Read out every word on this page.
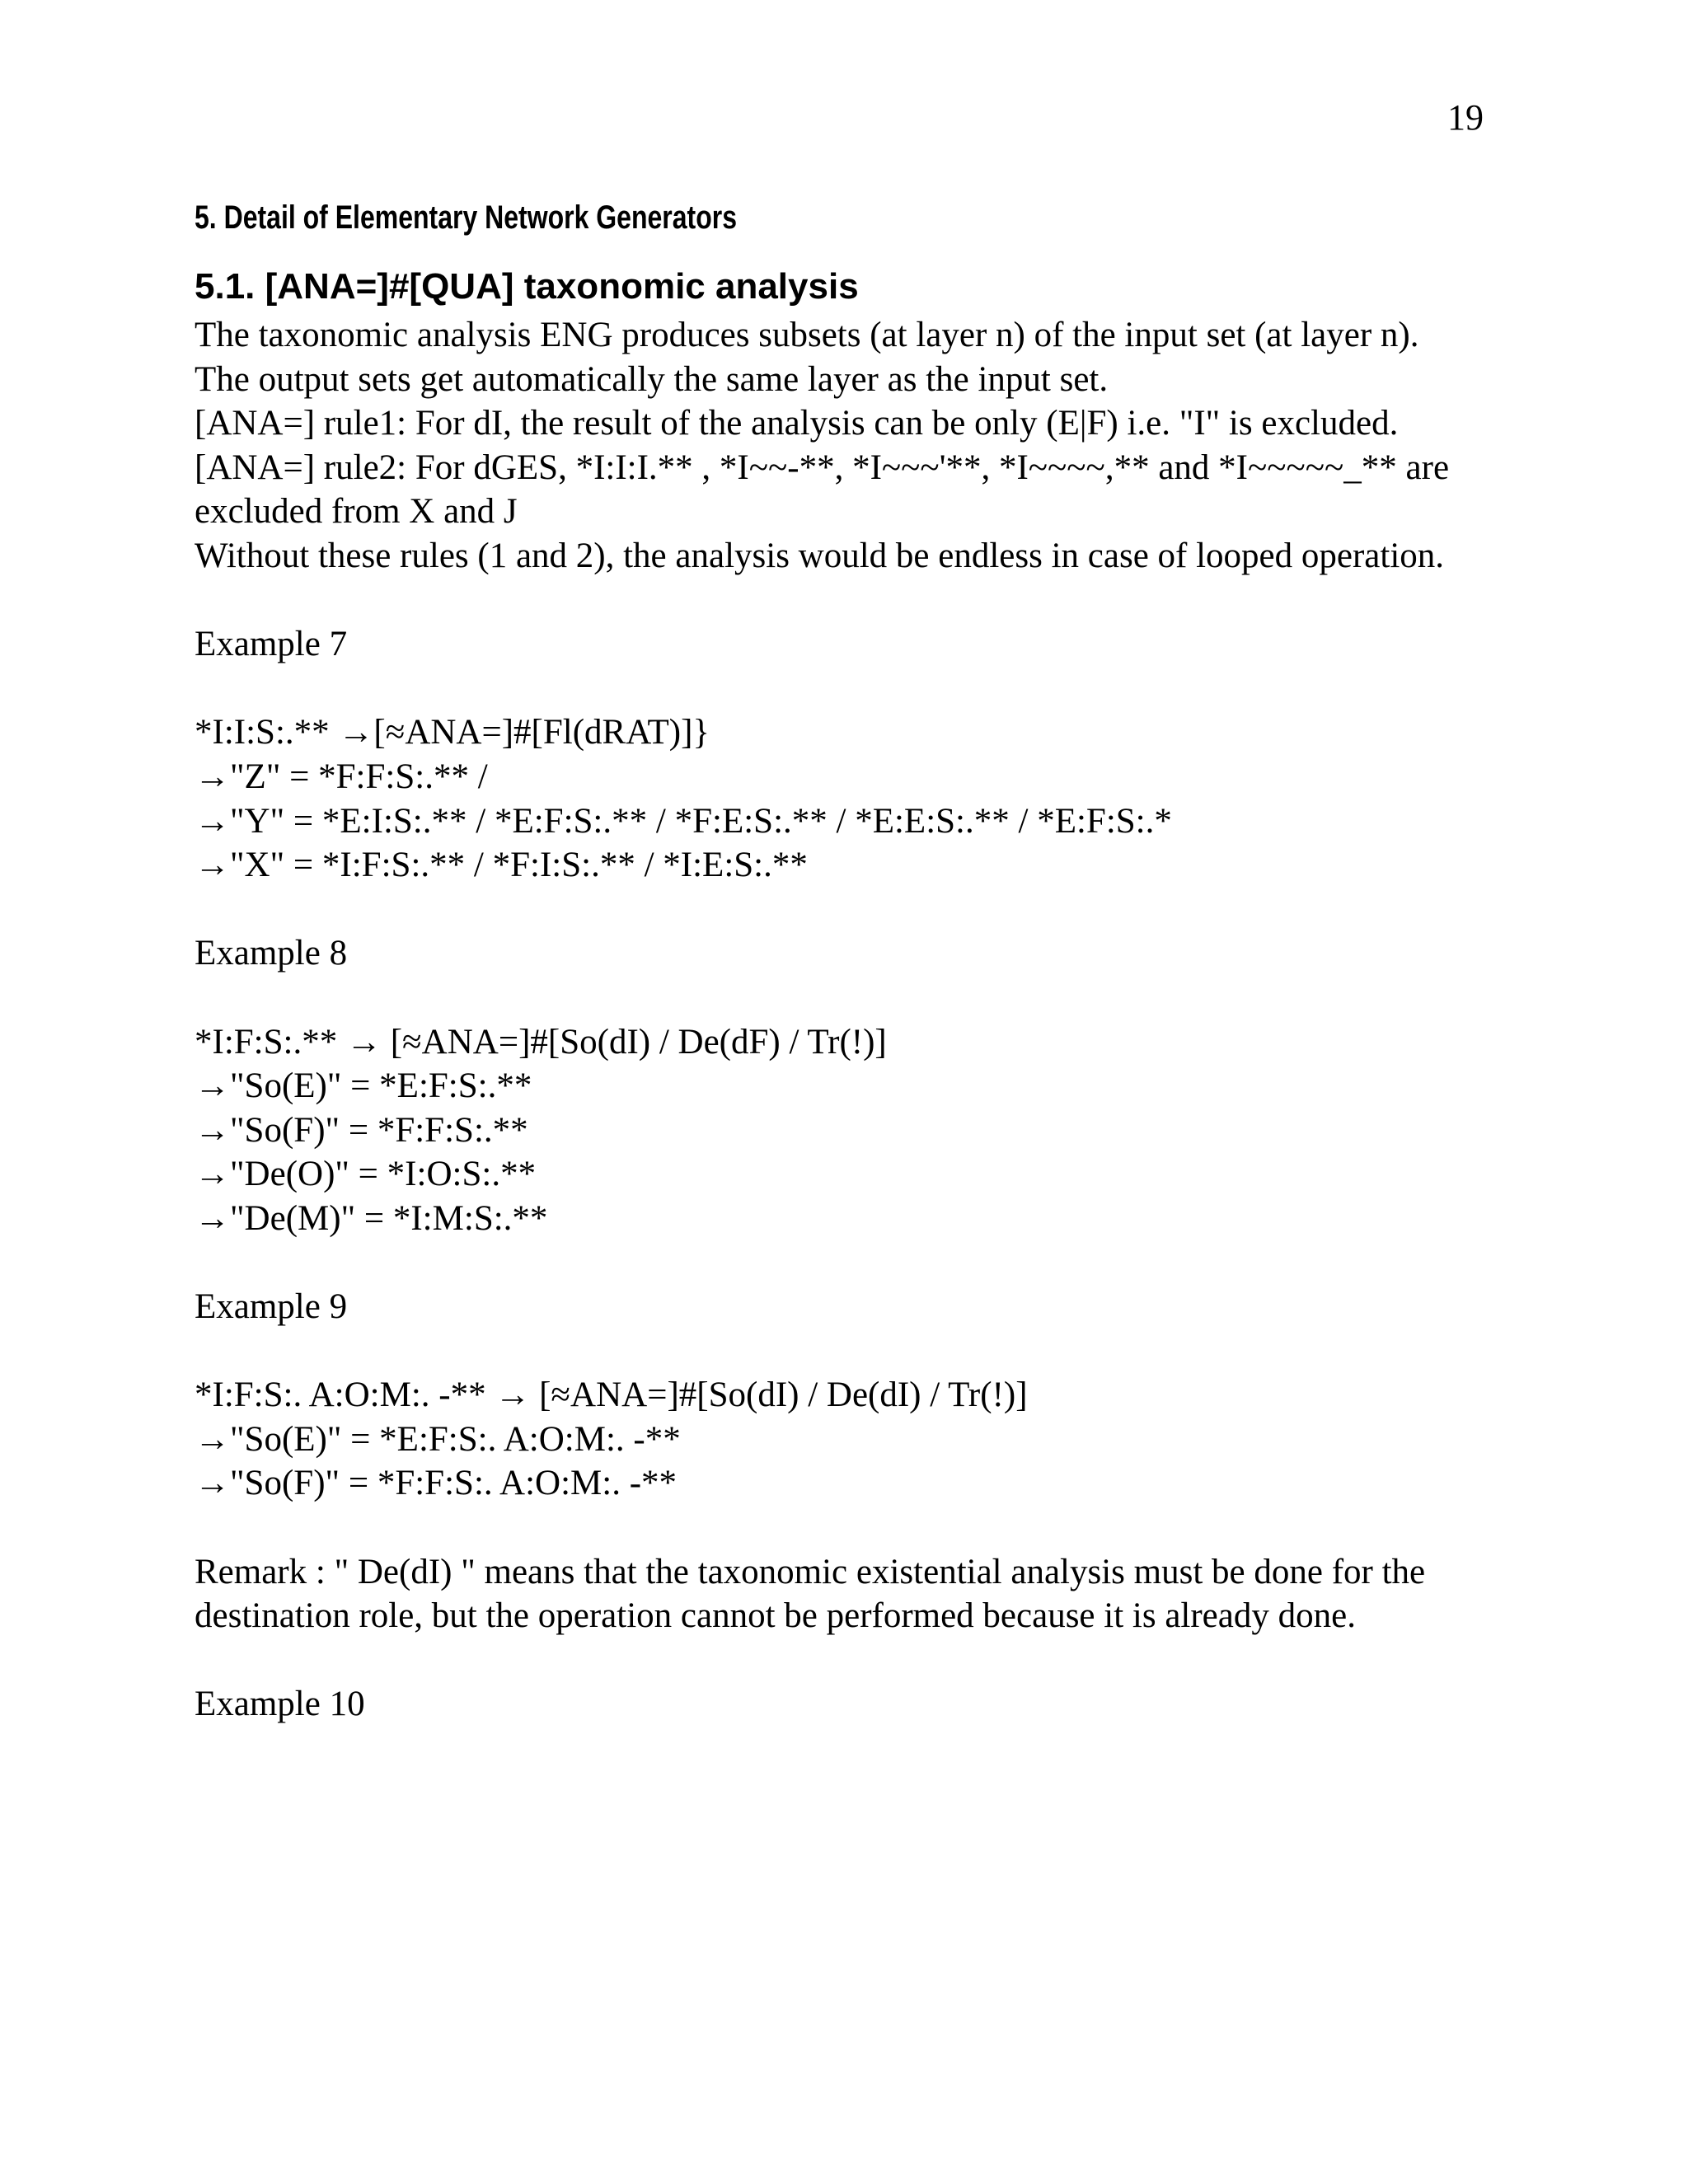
19
5. Detail of Elementary Network Generators
5.1. [ANA=]#[QUA] taxonomic analysis

The taxonomic analysis ENG produces subsets (at layer n) of the input set (at layer n).

The output sets get automatically the same layer as the input set.

[ANA=] rule1: For dI, the result of the analysis can be only (E|F) i.e. "I" is excluded.

[ANA=] rule2: For dGES, *I:I:I.** , *I~~-**, *I~~~'**, *I~~~~,** and *I~~~~~_** are excluded from X and J

Without these rules (1 and 2), the analysis would be endless in case of looped operation.

Example 7

*I:I:S:.** →[≈ANA=]#[Fl(dRAT)]}

→"Z" = *F:F:S:.** /

→"Y" = *E:I:S:.** / *E:F:S:.** / *F:E:S:.** / *E:E:S:.** / *E:F:S:.*

→"X" = *I:F:S:.** / *F:I:S:.** / *I:E:S:.**

Example 8

*I:F:S:.** → [≈ANA=]#[So(dI) / De(dF) / Tr(!)]

→"So(E)" = *E:F:S:.**

→"So(F)" = *F:F:S:.**

→"De(O)" = *I:O:S:.**

→"De(M)" = *I:M:S:.**

Example 9

*I:F:S:. A:O:M:. -** → [≈ANA=]#[So(dI) / De(dI) / Tr(!)]

→"So(E)" = *E:F:S:. A:O:M:. -**

→"So(F)" = *F:F:S:. A:O:M:. -**

Remark : " De(dI) " means that the taxonomic existential analysis must be done for the destination role, but the operation cannot be performed because it is already done.

Example 10
